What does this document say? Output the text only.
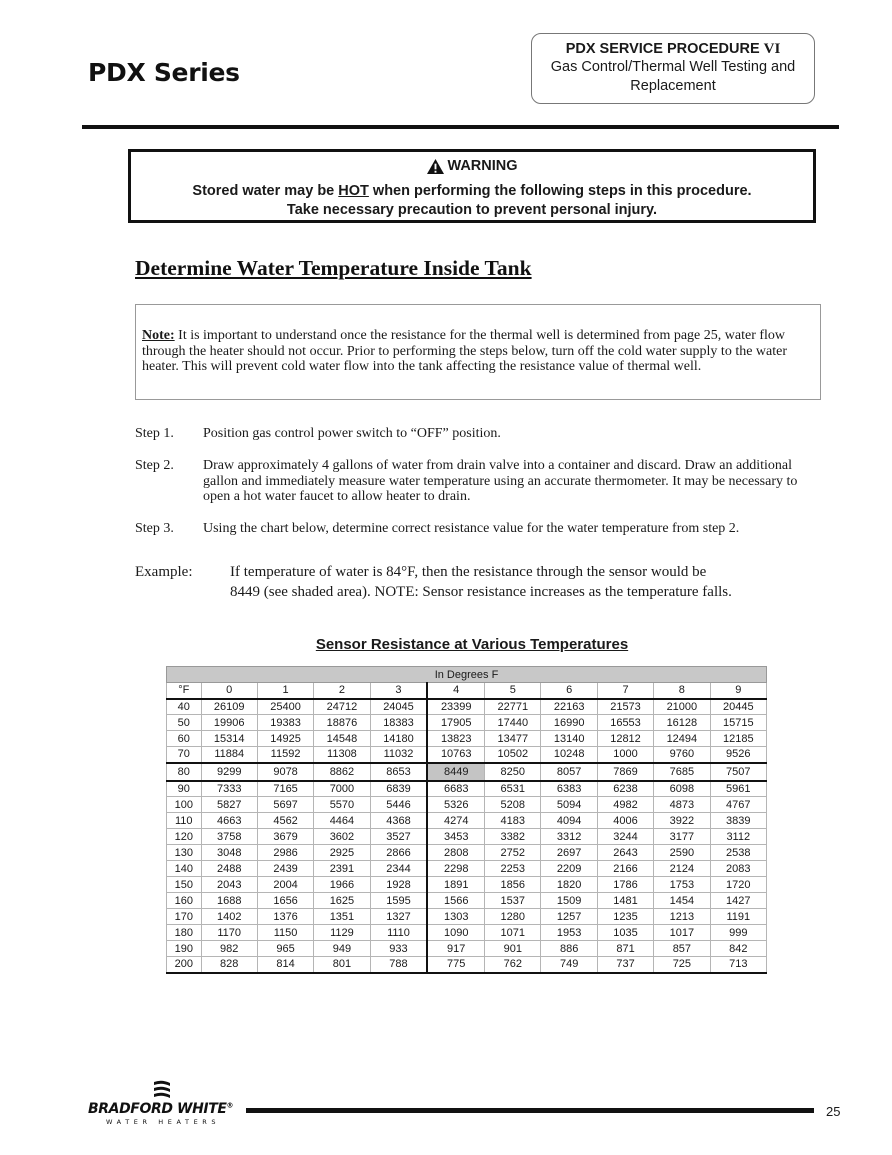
PDX Series
PDX SERVICE PROCEDURE VI
Gas Control/Thermal Well Testing and Replacement
WARNING
Stored water may be HOT when performing the following steps in this procedure.
Take necessary precaution to prevent personal injury.
Determine Water Temperature Inside Tank
Note: It is important to understand once the resistance for the thermal well is determined from page 25, water flow through the heater should not occur. Prior to performing the steps below, turn off the cold water supply to the water heater. This will prevent cold water flow into the tank affecting the resistance value of thermal well.
Step 1. Position gas control power switch to “OFF” position.
Step 2. Draw approximately 4 gallons of water from drain valve into a container and discard. Draw an additional gallon and immediately measure water temperature using an accurate thermometer. It may be necessary to open a hot water faucet to allow heater to drain.
Step 3. Using the chart below, determine correct resistance value for the water temperature from step 2.
Example:	If temperature of water is 84°F, then the resistance through the sensor would be 8449 (see shaded area). NOTE: Sensor resistance increases as the temperature falls.
Sensor Resistance at Various Temperatures
In Degrees F										
°F	0	1	2	3	4	5	6	7	8	9
40	26109	25400	24712	24045	23399	22771	22163	21573	21000	20445
50	19906	19383	18876	18383	17905	17440	16990	16553	16128	15715
60	15314	14925	14548	14180	13823	13477	13140	12812	12494	12185
70	11884	11592	11308	11032	10763	10502	10248	1000	9760	9526
80	9299	9078	8862	8653	8449	8250	8057	7869	7685	7507
90	7333	7165	7000	6839	6683	6531	6383	6238	6098	5961
100	5827	5697	5570	5446	5326	5208	5094	4982	4873	4767
110	4663	4562	4464	4368	4274	4183	4094	4006	3922	3839
120	3758	3679	3602	3527	3453	3382	3312	3244	3177	3112
130	3048	2986	2925	2866	2808	2752	2697	2643	2590	2538
140	2488	2439	2391	2344	2298	2253	2209	2166	2124	2083
150	2043	2004	1966	1928	1891	1856	1820	1786	1753	1720
160	1688	1656	1625	1595	1566	1537	1509	1481	1454	1427
170	1402	1376	1351	1327	1303	1280	1257	1235	1213	1191
180	1170	1150	1129	1110	1090	1071	1953	1035	1017	999
190	982	965	949	933	917	901	886	871	857	842
200	828	814	801	788	775	762	749	737	725	713
BRADFORD WHITE®
WATER HEATERS
25
